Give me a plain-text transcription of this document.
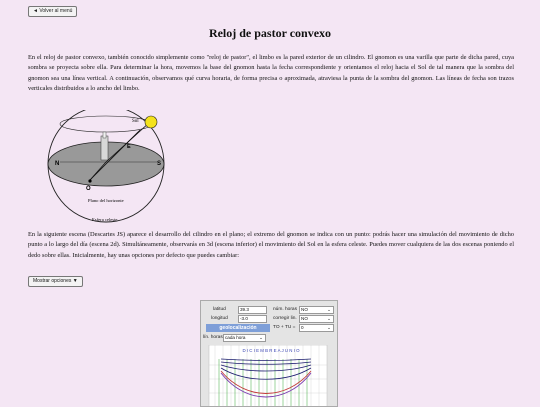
◄ Volver al menú
Reloj de pastor convexo
En el reloj de pastor convexo, también conocido simplemente como "reloj de pastor", el limbo es la pared exterior de un cilindro. El gnomon es una varilla que parte de dicha pared, cuya sombra se proyecta sobre ella. Para determinar la hora, movemos la base del gnomon hasta la fecha correspondiente y orientamos el reloj hacia el Sol de tal manera que la sombra del gnomon sea una línea vertical. A continuación, observamos qué curva horaria, de forma precisa o aproximada, atraviesa la punta de la sombra del gnomon. Las líneas de fecha son trazos verticales distribuidos a lo ancho del limbo.
Sol
N	S
E
O
Plano del horizonte
Esfera celeste
En la siguiente escena (Descartes JS) aparece el desarrollo del cilindro en el plano; el extremo del gnomon se indica con un punto: podrás hacer una simulación del movimiento de dicho punto a lo largo del día (escena 2d). Simultáneamente, observarás en 3d (escena inferior) el movimiento del Sol en la esfera celeste. Puedes mover cualquiera de las dos escenas poniendo el dedo sobre ellas. Inicialmente, hay unas opciones por defecto que puedes cambiar:
Mostrar opciones ▼
latitud	39.3
longitud	-3.0
núm. horas NO	⌄
corregir lin. NO	⌄
geolocalización	TO + TU =	0	⌄
lín. horas cada hora	⌄
D I C I E M B R E A J U N I O
